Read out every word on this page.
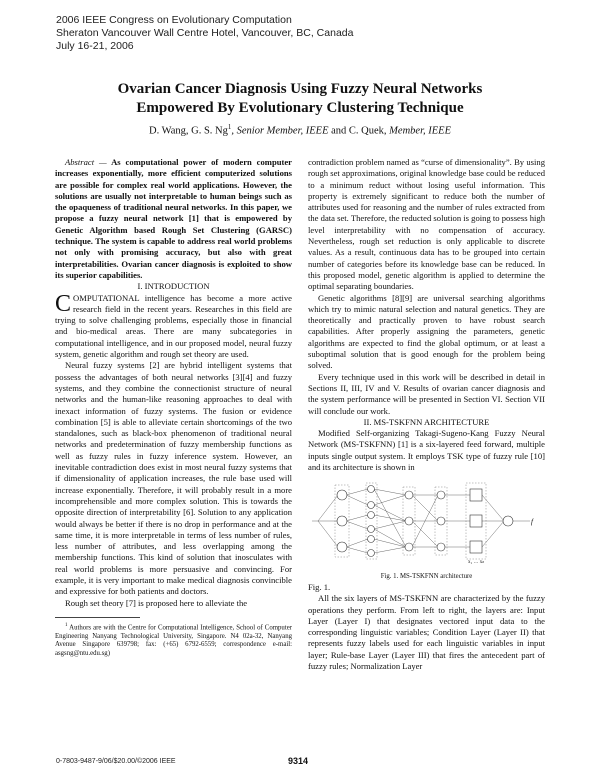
2006 IEEE Congress on Evolutionary Computation
Sheraton Vancouver Wall Centre Hotel, Vancouver, BC, Canada
July 16-21, 2006
Ovarian Cancer Diagnosis Using Fuzzy Neural Networks
Empowered By Evolutionary Clustering Technique
D. Wang, G. S. Ng$^1$, Senior Member, IEEE and C. Quek, Member, IEEE

Abstract — As computational power of modern computer increases exponentially, more efficient computerized solutions are possible for complex real world applications. However, the solutions are usually not interpretable to human beings such as the opaqueness of traditional neural networks. In this paper, we propose a fuzzy neural network [1] that is empowered by Genetic Algorithm based Rough Set Clustering (GARSC) technique. The system is capable to address real world problems not only with promising accuracy, but also with great interpretabilities. Ovarian cancer diagnosis is exploited to show its superior capabilities.

I. INTRODUCTION

COMPUTATIONAL intelligence has become a more active research field in the recent years. Researches in this field are trying to solve challenging problems, especially those in financial and bio-medical areas. There are many subcategories in computational intelligence, and in our proposed model, neural fuzzy system, genetic algorithm and rough set theory are used.

Neural fuzzy systems [2] are hybrid intelligent systems that possess the advantages of both neural networks [3][4] and fuzzy systems, and they combine the connectionist structure of neural networks and the human-like reasoning approaches to deal with inexact information of fuzzy systems. The fusion or evidence combination [5] is able to alleviate certain shortcomings of the two standalones, such as black-box phenomenon of traditional neural networks and predetermination of fuzzy membership functions as well as fuzzy rules in fuzzy inference system. However, an inevitable contradiction does exist in most neural fuzzy systems that if dimensionality of application increases, the rule base used will increase exponentially. Therefore, it will probably result in a more incomprehensible and more complex solution. This is towards the opposite direction of interpretability [6]. Solution to any application would always be better if there is no drop in performance and at the same time, it is more interpretable in terms of less number of rules, less number of attributes, and less overlapping among the membership functions. This kind of solution that inosculates with real world problems is more persuasive and convincing. For example, it is very important to make medical diagnosis convincible and expressive for both patients and doctors.

Rough set theory [7] is proposed here to alleviate the

$^1$ Authors are with the Centre for Computational Intelligence, School of Computer Engineering Nanyang Technological University, Singapore. N4 02a-32, Nanyang Avenue Singapore 639798; fax: (+65) 6792-6559; correspondence e-mail: asgsng@ntu.edu.sg)

contradiction problem named as “curse of dimensionality”. By using rough set approximations, original knowledge base could be reduced to a minimum reduct without losing useful information. This property is extremely significant to reduce both the number of attributes used for reasoning and the number of rules extracted from the data set. Therefore, the reducted solution is going to possess high level interpretability with no compensation of accuracy. Nevertheless, rough set reduction is only applicable to discrete values. As a result, continuous data has to be grouped into certain number of categories before its knowledge base can be reduced. In this proposed model, genetic algorithm is applied to determine the optimal separating boundaries.

Genetic algorithms [8][9] are universal searching algorithms which try to mimic natural selection and natural genetics. They are theoretically and practically proven to have robust search capabilities. After properly assigning the parameters, genetic algorithms are expected to find the global optimum, or at least a suboptimal solution that is good enough for the problem being solved.

Every technique used in this work will be described in detail in Sections II, III, IV and V. Results of ovarian cancer diagnosis and the system performance will be presented in Section VI. Section VII will conclude our work.

II. MS-TSKFNN ARCHITECTURE

Modified Self-organizing Takagi-Sugeno-Kang Fuzzy Neural Network (MS-TSKFNN) [1] is a six-layered feed forward, multiple inputs single output system. It employs TSK type of fuzzy rule [10] and its architecture is shown in

f
x₁ … xₙ

Fig. 1. MS-TSKFNN architecture

Fig. 1.

All the six layers of MS-TSKFNN are characterized by the fuzzy operations they perform. From left to right, the layers are: Input Layer (Layer I) that designates vectored input data to the corresponding linguistic variables; Condition Layer (Layer II) that represents fuzzy labels used for each linguistic variables in input layer; Rule-base Layer (Layer III) that fires the antecedent part of fuzzy rules; Normalization Layer

0-7803-9487-9/06/$20.00/©2006 IEEE	9314
